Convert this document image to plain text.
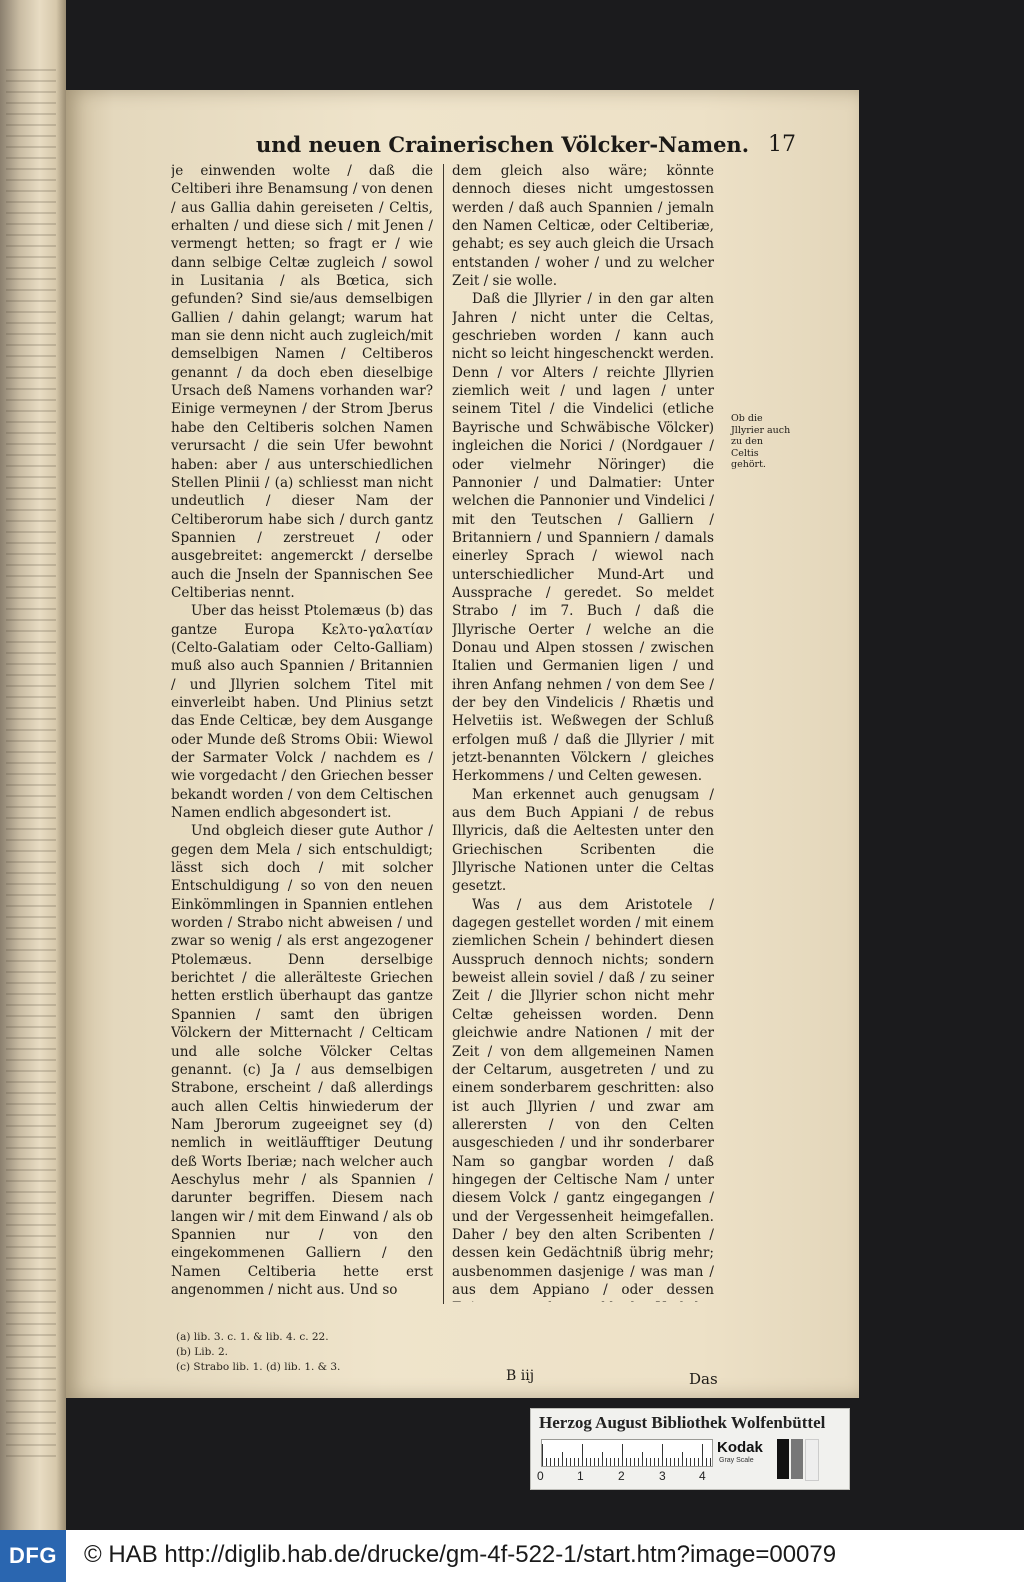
und neuen Crainerischen Völcker-Namen. 17

je einwenden wolte / daß die Celtiberi ihre Benamsung / von denen / aus Gallia dahin gereiseten / Celtis, erhalten / und diese sich / mit Jenen / vermengt hetten; so fragt er / wie dann selbige Celtæ zugleich / sowol in Lusitania / als Bœtica, sich gefunden? Sind sie/aus demselbigen Gallien / dahin gelangt; warum hat man sie denn nicht auch zugleich/mit demselbigen Namen / Celtiberos genannt / da doch eben dieselbige Ursach deß Namens vorhanden war? Einige vermeynen / der Strom Jberus habe den Celtiberis solchen Namen verursacht / die sein Ufer bewohnt haben: aber / aus unterschiedlichen Stellen Plinii / (a) schliesst man nicht undeutlich / dieser Nam der Celtiberorum habe sich / durch gantz Spannien / zerstreuet / oder ausgebreitet: angemerckt / derselbe auch die Jnseln der Spannischen See Celtiberias nennt.

Uber das heisst Ptolemæus (b) das gantze Europa Κελτο-γαλατίαν (Celto-Galatiam oder Celto-Galliam) muß also auch Spannien / Britannien / und Jllyrien solchem Titel mit einverleibt haben. Und Plinius setzt das Ende Celticæ, bey dem Ausgange oder Munde deß Stroms Obii: Wiewol der Sarmater Volck / nachdem es / wie vorgedacht / den Griechen besser bekandt worden / von dem Celtischen Namen endlich abgesondert ist.

Und obgleich dieser gute Author / gegen dem Mela / sich entschuldigt; lässt sich doch / mit solcher Entschuldigung / so von den neuen Einkömmlingen in Spannien entlehen worden / Strabo nicht abweisen / und zwar so wenig / als erst angezogener Ptolemæus. Denn derselbige berichtet / die allerälteste Griechen hetten erstlich überhaupt das gantze Spannien / samt den übrigen Völckern der Mitternacht / Celticam und alle solche Völcker Celtas genannt. (c) Ja / aus demselbigen Strabone, erscheint / daß allerdings auch allen Celtis hinwiederum der Nam Jberorum zugeeignet sey (d) nemlich in weitläufftiger Deutung deß Worts Iberiæ; nach welcher auch Aeschylus mehr / als Spannien / darunter begriffen. Diesem nach langen wir / mit dem Einwand / als ob Spannien nur / von den eingekommenen Galliern / den Namen Celtiberia hette erst angenommen / nicht aus. Und so

dem gleich also wäre; könnte dennoch dieses nicht umgestossen werden / daß auch Spannien / jemaln den Namen Celticæ, oder Celtiberiæ, gehabt; es sey auch gleich die Ursach entstanden / woher / und zu welcher Zeit / sie wolle.

Daß die Jllyrier / in den gar alten Jahren / nicht unter die Celtas, geschrieben worden / kann auch nicht so leicht hingeschenckt werden. Denn / vor Alters / reichte Jllyrien ziemlich weit / und lagen / unter seinem Titel / die Vindelici (etliche Bayrische und Schwäbische Völcker) ingleichen die Norici / (Nordgauer / oder vielmehr Nöringer) die Pannonier / und Dalmatier: Unter welchen die Pannonier und Vindelici / mit den Teutschen / Galliern / Britanniern / und Spanniern / damals einerley Sprach / wiewol nach unterschiedlicher Mund-Art und Aussprache / geredet. So meldet Strabo / im 7. Buch / daß die Jllyrische Oerter / welche an die Donau und Alpen stossen / zwischen Italien und Germanien ligen / und ihren Anfang nehmen / von dem See / der bey den Vindelicis / Rhætis und Helvetiis ist. Weßwegen der Schluß erfolgen muß / daß die Jllyrier / mit jetzt-benannten Völckern / gleiches Herkommens / und Celten gewesen.

Man erkennet auch genugsam / aus dem Buch Appiani / de rebus Illyricis, daß die Aeltesten unter den Griechischen Scribenten die Jllyrische Nationen unter die Celtas gesetzt.

Was / aus dem Aristotele / dagegen gestellet worden / mit einem ziemlichen Schein / behindert diesen Ausspruch dennoch nichts; sondern beweist allein soviel / daß / zu seiner Zeit / die Jllyrier schon nicht mehr Celtæ geheissen worden. Denn gleichwie andre Nationen / mit der Zeit / von dem allgemeinen Namen der Celtarum, ausgetreten / und zu einem sonderbarem geschritten: also ist auch Jllyrien / und zwar am allerersten / von den Celten ausgeschieden / und ihr sonderbarer Nam so gangbar worden / daß hingegen der Celtische Nam / unter diesem Volck / gantz eingegangen / und der Vergessenheit heimgefallen. Daher / bey den alten Scribenten / dessen kein Gedächtniß übrig mehr; ausbenommen dasjenige / was man / aus dem Appiano / oder dessen

Ob die Jllyrier auch zu den Celtis gehört.
(a) lib. 3. c. 1. & lib. 4. c. 22.
(b) Lib. 2.
(c) Strabo lib. 1. (d) lib. 1. & 3.
B iij	Das
Herzog August Bibliothek Wolfenbüttel
0	1	2	3	4
Kodak
Gray Scale
DFG	© HAB http://diglib.hab.de/drucke/gm-4f-522-1/start.htm?image=00079
